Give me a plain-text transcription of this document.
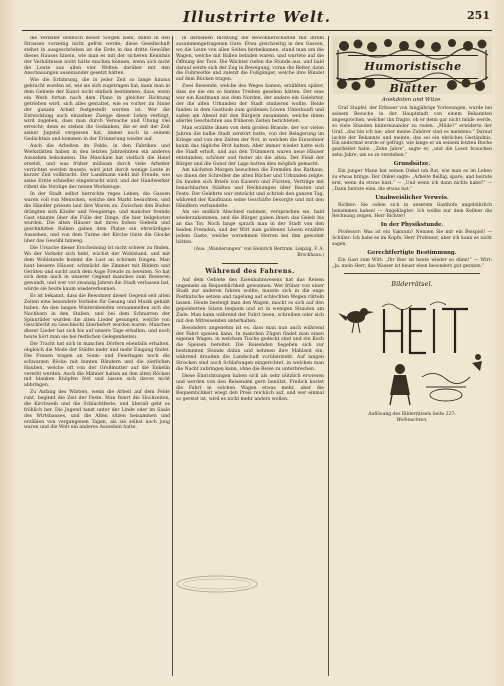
Illustrirte Welt.	251

die Verleiter dennoch dieser Sorgen ziehl, damit in den Strassen vorzeitig nicht gefrnt werde; diese Gesellschaft stehet in ausgeschrieben ist die Erde in das dritte Gewölbe dieses Hauses hinein, wie man es mit der sicheren Kenntnis der Verhältnisse nicht hätte machen können, wenn sich nicht die Leute aus allen vier Welten darüber mit den Anschauungen auseinander gesetzt hätten.

Wie die Erfahrung, die in jeder Zeit so lange hinaus gebracht worden ist, wie sie sich zugetragen hat, kann man in dem Gebiete der Kunst nicht einfach bestimmen, dass, wenn ein Werk fortan nach dem Plane in gleicher Richtung getrieben wird, sich alles gestaltet, wie es vorher im Sinne der ganzen Arbeit festgestellt worden ist. Wer die Entwicklung auch einzelner Zweige dieser Lehre verfolgt, wird zugeben, dass man durch Versuche und Übung viel erreicht; denn es stehen die Gedanken, die er seit der Zeit seiner Jugend vergessen hat, immer noch in seinem Gedächtnis und kommen in der Erinnerung wieder auf.

Auch die Arbeiten im Felde, in den Fabriken und Werkstätten haben in den letzten Jahrzehnten ein anderes Aussehen bekommen. Die Maschine hat vielfach die Hand ersetzt, und was früher mühsam durch viele Arbeiter verrichtet werden musste, wird jetzt durch wenige Leute in kurzer Zeit vollbracht. Der Landmann sieht mit Freude, wie seine Ernte schneller eingebracht wird, und der Handwerker rühmt die Vorzüge der neuen Werkzeuge.

In der Stadt selbst herrschte reges Leben; die Gassen waren voll von Menschen, welche den Markt besuchten, und die Händler priesen laut ihre Waren an. Zwischen den Buden drängten sich Käufer und Neugierige, und mancher fremde Gast staunte über die Fülle der Dinge, die hier feilgeboten wurden. Die alten Häuser mit ihren hohen Giebeln und geschnitzten Balken gaben dem Platze ein ehrwürdiges Aussehen, und von dem Turme der Kirche tönte die Glocke über das Gewühl hinweg.

Die Ursache dieser Erscheinung ist nicht schwer zu finden. Wo der Verkehr sich hebt, wächst der Wohlstand, und mit dem Wohlstande kommt die Lust an schönen Dingen. Man baut bessere Häuser, schmückt die Zimmer mit Bildern und Geräten und sucht auch dem Auge Freude zu bereiten. So hat sich denn auch in unserer Gegend manches zum Besseren gewandt, und wer vor zwanzig Jahren die Stadt verlassen hat, würde sie heute kaum wiedererkennen.

Es ist bekannt, dass die Bewohner dieser Gegend seit alten Zeiten eine besondere Vorliebe für Gesang und Musik gehabt haben. An den langen Winterabenden versammelten sich die Nachbarn in den Stuben, und bei dem Schnurren der Spinnräder wurden die alten Lieder gesungen, welche von Geschlecht zu Geschlecht überliefert worden waren. Manches dieser Lieder hat sich bis auf unsere Tage erhalten, und noch heute hört man sie bei festlichen Gelegenheiten.

Die Tracht hat sich in manchen Dörfern ebenfalls erhalten, obgleich die Mode der Städte mehr und mehr Eingang findet. Die Frauen tragen an Sonn- und Feiertagen noch die schwarzen Röcke mit bunten Bändern und die zierlichen Hauben, welche oft von der Großmutter auf die Enkelin vererbt werden. Auch die Männer halten an den alten Röcken mit blanken Knöpfen fest und lassen sich davon nicht abbringen.

Zu Anfang des Winters, wenn die Arbeit auf dem Felde ruht, beginnt die Zeit der Feste. Man feiert die Hochzeiten, die Kirchweih und die Schlachtfeste, und überall geht es fröhlich her. Die Jugend tanzt unter der Linde oder im Saale des Wirtshauses, und die Alten sitzen beisammen und erzählen von vergangenen Tagen, als sie selbst noch jung waren und die Welt ein anderes Aussehen hatte.

in derselben Richtung die Bewohnerschaften mit ihrem zusammengetragenen Gute. Etwa gleichzeitig in den Gassen, wo die Leute von allen Seiten herbeikamen, stand man um die Wagen, welche mit Ballen beladen waren, und wartete auf die Öffnung der Tore. Die Wächter riefen die Stunde aus, und bald darauf setzte sich der Zug in Bewegung, voran die Reiter, dann die Fuhrwerke und zuletzt die Fußgänger, welche ihre Bündel auf dem Rücken trugen.

Zwei Reisende, welche des Weges kamen, erzählten später, dass sie nie ein so buntes Treiben gesehen hätten. Der eine war ein Kaufmann aus dem Norden, der andere ein Gelehrter, der die alten Urkunden der Stadt studieren wollte. Beide fanden in dem Gasthofe zum goldenen Löwen Unterkunft und saßen am Abend mit den Bürgern zusammen, welche ihnen allerlei Geschichten aus früheren Zeiten berichteten.

Man erzählte ihnen von dem großen Brande, der vor vielen Jahren die halbe Stadt zerstört hatte, von der Belagerung im Kriege und von den Zeiten der Not, in welchen die Einwohner kaum das tägliche Brot hatten. Aber immer wieder hatte sich die Stadt erholt, und aus den Trümmern waren neue Häuser entstanden, schöner und fester als die alten. Der Fleiß der Bürger und die Gunst der Lage hatten dies möglich gemacht.

Am nächsten Morgen besuchten die Fremden das Rathaus, wo ihnen der Schreiber die alten Bücher und Urkunden zeigte. Da fanden sich Briefe von Kaisern und Fürsten, Verträge mit benachbarten Städten und Rechnungen über Bauten und Feste. Der Gelehrte war entzückt und schrieb den ganzen Tag, während der Kaufmann seine Geschäfte besorgte und mit den Händlern verhandelte.

Als sie endlich Abschied nahmen, versprachen sie, bald wiederzukommen, und die Bürger gaben ihnen das Geleit bis an das Tor. Noch lange sprach man in der Stadt von den beiden Fremden, und der Wirt zum goldenen Löwen erzählte jedem Gaste, welche vornehmen Herren bei ihm gewohnt hätten.

(Aus: „Wanderungen“ von Heinrich Bertram. Leipzig, F. A. Brockhaus.)
Während des Fahrens.

Auf dem Gebiete des Eisenbahnwesens hat das Reisen ungemein an Bequemlichkeit gewonnen. Wer früher von einer Stadt zur anderen fahren wollte, musste sich in die enge Postkutsche setzen und tagelang auf schlechten Wegen rütteln lassen. Heute besteigt man den Wagen, macht es sich auf den gepolsterten Sitzen bequem und ist in wenigen Stunden am Ziele. Man kann während der Fahrt lesen, schreiben oder sich mit den Mitreisenden unterhalten.

Besonders angenehm ist es, dass man nun auch während der Fahrt speisen kann. In manchen Zügen findet man einen eigenen Wagen, in welchem Tische gedeckt sind und ein Koch die Speisen bereitet. Die Reisenden begeben sich zur bestimmten Stunde dahin und nehmen ihre Mahlzeit ein, während draußen die Landschaft vorüberzieht. Auf langen Strecken sind auch Schlafwagen eingerichtet, in welchen man die Nacht zubringen kann, ohne die Reise zu unterbrechen.

Diese Einrichtungen haben sich als sehr nützlich erwiesen und werden von den Reisenden gern benützt. Freilich kostet die Fahrt in solchen Wagen etwas mehr, aber die Bequemlichkeit wiegt den Preis reichlich auf, und wer einmal so gereist ist, wird es nicht mehr anders wollen.

Humoristische Blätter
Anekdoten und Witze.

Graf Stapfel, der Erbauer von langjährige Vorlesungen, wurde bei seinem Besuche in der Hauptstadt von einem Bekannten angesprochen, welcher ihn fragte, ob er denn gar nicht müde werde, so viele Stunden hintereinander zu reden. „Müde?“ erwiderte der Graf, „das bin ich nie; aber meine Zuhörer sind es meistens.“ Darauf lachte der Bekannte und meinte, das sei ein ehrliches Geständnis. Ein andermal wurde er gefragt, wie lange er an seinem letzten Buche gearbeitet habe. „Zehn Jahre“, sagte er, „und die Leser brauchen zehn Jahre, um es zu verstehen.“

Grundsätze.

Ein junger Mann bat seinen Onkel um Rat, wie man es im Leben zu etwas bringe. Der Onkel sagte: „Arbeite fleißig, spare, und heirate erst, wenn du etwas hast.“ — „Und wenn ich dann nichts habe?“ — „Dann heirate eine, die etwas hat.“

Unabweislicher Verweis.

Richter: Sie sollen sich in unserem Gasthofe ungebührlich benommen haben! — Angeklagter: Ich wollte nur dem Kellner die Rechnung zeigen, Herr Richter!

In der Physikstunde.

Professor: Was ist ein Vakuum? Nennen Sie mir ein Beispiel! — Schüler: Ich habe es im Kopfe, Herr Professor, aber ich kann es nicht sagen.

Gerechtfertigte Bestimmung.

Ein Gast zum Wirt: „Ihr Bier ist heute wieder so dünn!“ — Wirt: „Ja, mein Herr, das Wasser ist heuer eben besonders gut geraten.“

Bilderrätsel.
Auflösung des Bilderrätsels Seite 227:
Weihnachten.
